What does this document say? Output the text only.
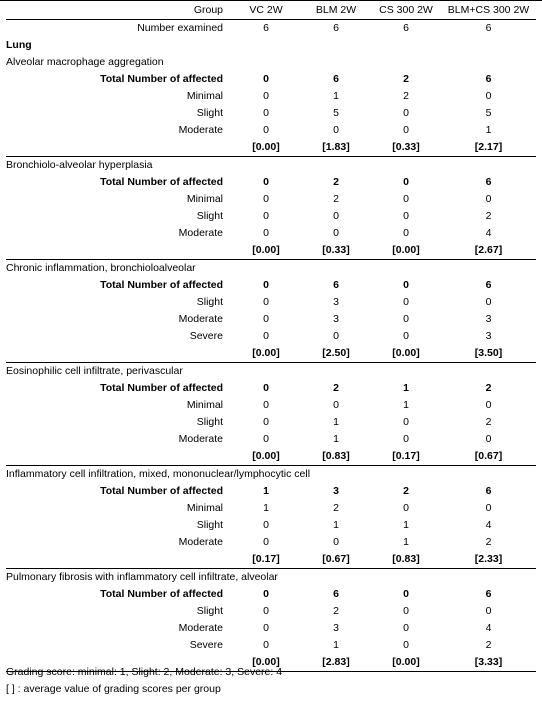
Group	VC 2W	BLM 2W	CS 300 2W	BLM+CS 300 2W
Number examined	6	6	6	6
Lung				
Alveolar macrophage aggregation				
Total Number of affected	0	6	2	6
Minimal	0	1	2	0
Slight	0	5	0	5
Moderate	0	0	0	1
	[0.00]	[1.83]	[0.33]	[2.17]
Bronchiolo-alveolar hyperplasia				
Total Number of affected	0	2	0	6
Minimal	0	2	0	0
Slight	0	0	0	2
Moderate	0	0	0	4
	[0.00]	[0.33]	[0.00]	[2.67]
Chronic inflammation, bronchioloalveolar				
Total Number of affected	0	6	0	6
Slight	0	3	0	0
Moderate	0	3	0	3
Severe	0	0	0	3
	[0.00]	[2.50]	[0.00]	[3.50]
Eosinophilic cell infiltrate, perivascular				
Total Number of affected	0	2	1	2
Minimal	0	0	1	0
Slight	0	1	0	2
Moderate	0	1	0	0
	[0.00]	[0.83]	[0.17]	[0.67]
Inflammatory cell infiltration, mixed, mononuclear/lymphocytic cell				
Total Number of affected	1	3	2	6
Minimal	1	2	0	0
Slight	0	1	1	4
Moderate	0	0	1	2
	[0.17]	[0.67]	[0.83]	[2.33]
Pulmonary fibrosis with inflammatory cell infiltrate, alveolar				
Total Number of affected	0	6	0	6
Slight	0	2	0	0
Moderate	0	3	0	4
Severe	0	1	0	2
	[0.00]	[2.83]	[0.00]	[3.33]
Grading score: minimal: 1, Slight: 2, Moderate: 3, Severe: 4
[ ] : average value of grading scores per group
